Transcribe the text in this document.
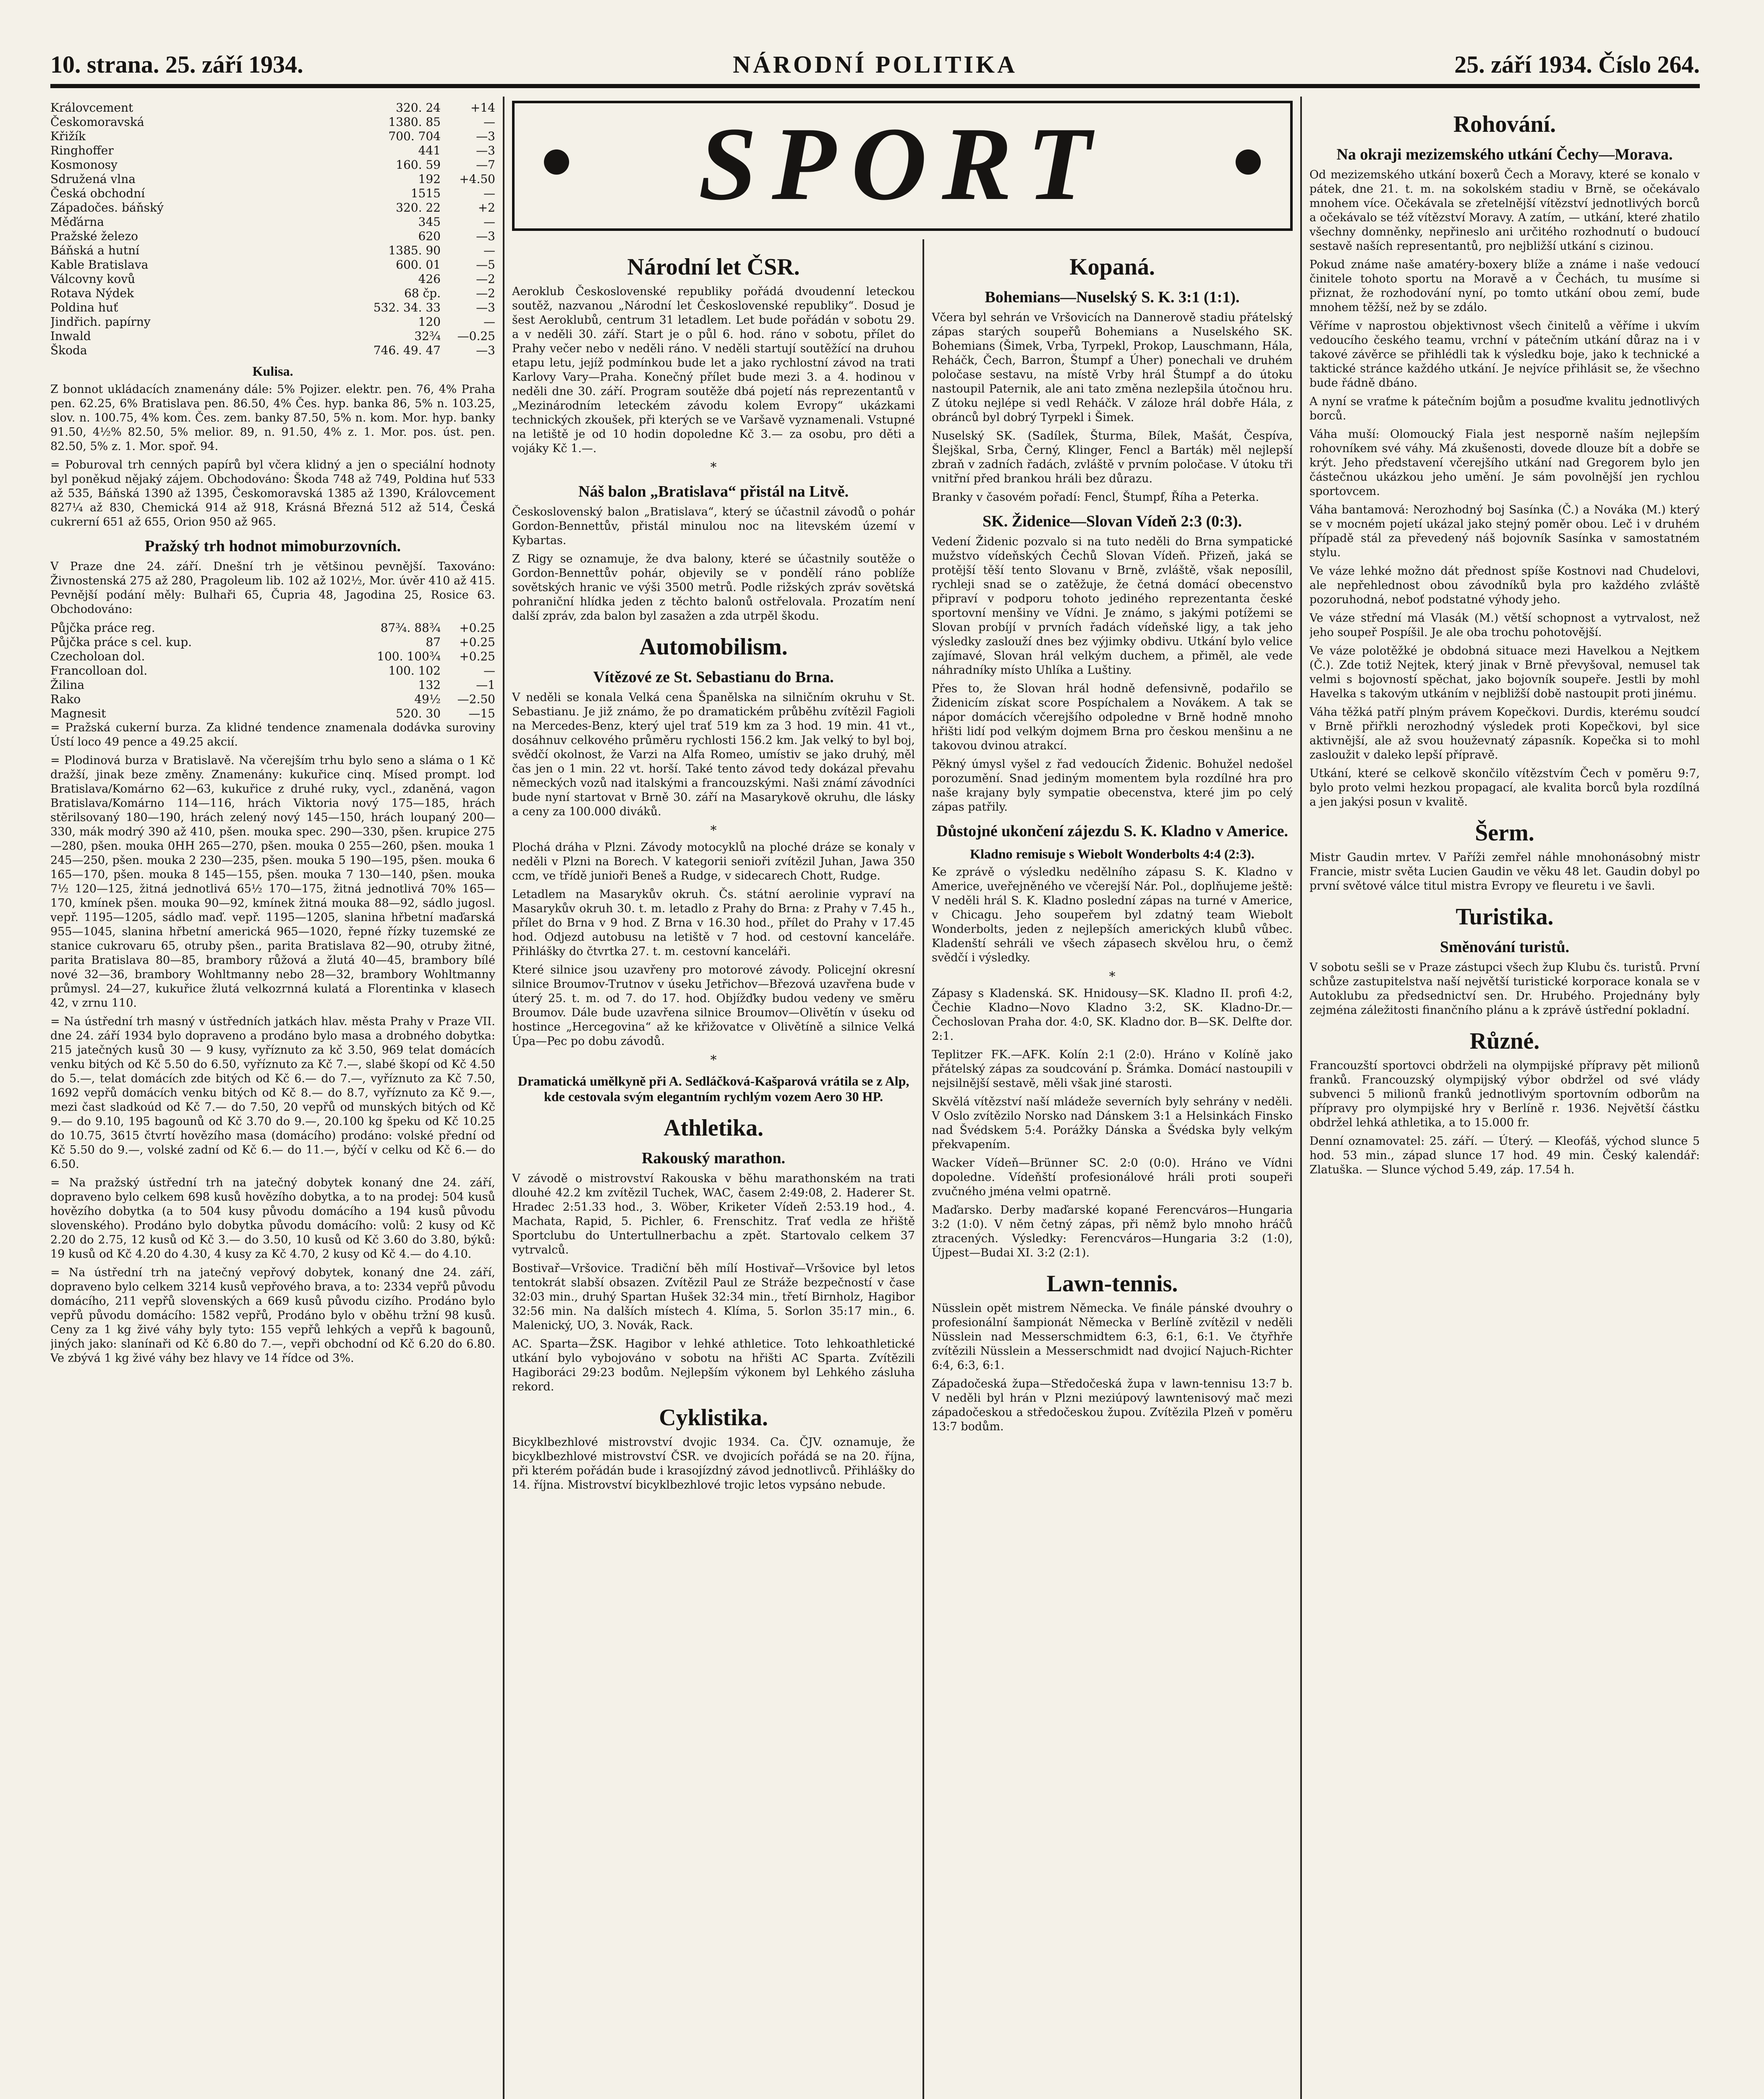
10. strana. 25. září 1934.	NÁRODNÍ POLITIKA	25. září 1934. Číslo 264.
Královcement	320. 24	+14
Českomoravská	1380. 85	—
Křižík	700. 704	—3
Ringhoffer	441	—3
Kosmonosy	160. 59	—7
Sdružená vlna	192	+4.50
Česká obchodní	1515	—
Západočes. báňský	320. 22	+2
Měďárna	345	—
Pražské železo	620	—3
Báňská a hutní	1385. 90	—
Kable Bratislava	600. 01	—5
Válcovny kovů	426	—2
Rotava Nýdek	68 čp.	—2
Poldina huť	532. 34. 33	—3
Jindřich. papírny	120	—
Inwald	32¾	—0.25
Škoda	746. 49. 47	—3
Kulisa.

Z bonnot ukládacích znamenány dále: 5% Pojizer. elektr. pen. 76, 4% Praha pen. 62.25, 6% Bratislava pen. 86.50, 4% Čes. hyp. banka 86, 5% n. 103.25, slov. n. 100.75, 4% kom. Čes. zem. banky 87.50, 5% n. kom. Mor. hyp. banky 91.50, 4½% 82.50, 5% melior. 89, n. 91.50, 4% z. 1. Mor. pos. úst. pen. 82.50, 5% z. 1. Mor. spoř. 94.

= Poburoval trh cenných papírů byl včera klidný a jen o speciální hodnoty byl poněkud nějaký zájem. Obchodováno: Škoda 748 až 749, Poldina huť 533 až 535, Báňská 1390 až 1395, Českomoravská 1385 až 1390, Královcement 827¼ až 830, Chemická 914 až 918, Krásná Březná 512 až 514, Česká cukrerní 651 až 655, Orion 950 až 965.

Pražský trh hodnot mimoburzovních.

V Praze dne 24. září. Dnešní trh je většinou pevnější. Taxováno: Živnostenská 275 až 280, Pragoleum lib. 102 až 102½, Mor. úvěr 410 až 415. Pevnější podání měly: Bulhaři 65, Čupria 48, Jagodina 25, Rosice 63. Obchodováno:

Půjčka práce reg.	87¾. 88¾	+0.25
Půjčka práce s cel. kup.	87	+0.25
Czecholoan dol.	100. 100¾	+0.25
Francolloan dol.	100. 102	—
Žilina	132	—1
Rako	49½	—2.50
Magnesit	520. 30	—15

= Pražská cukerní burza. Za klidné tendence znamenala dodávka suroviny Ústí loco 49 pence a 49.25 akcií.

= Plodinová burza v Bratislavě. Na včerejším trhu bylo seno a sláma o 1 Kč dražší, jinak beze změny. Znamenány: kukuřice cinq. Mísed prompt. loď Bratislava/Komárno 62—63, kukuřice z druhé ruky, vycl., zdaněná, vagon Bratislava/Komárno 114—116, hrách Viktoria nový 175—185, hrách stěrilsovaný 180—190, hrách zelený nový 145—150, hrách loupaný 200—330, mák modrý 390 až 410, pšen. mouka spec. 290—330, pšen. krupice 275—280, pšen. mouka 0HH 265—270, pšen. mouka 0 255—260, pšen. mouka 1 245—250, pšen. mouka 2 230—235, pšen. mouka 5 190—195, pšen. mouka 6 165—170, pšen. mouka 8 145—155, pšen. mouka 7 130—140, pšen. mouka 7½ 120—125, žitná jednotlivá 65½ 170—175, žitná jednotlivá 70% 165—170, kmínek pšen. mouka 90—92, kmínek žitná mouka 88—92, sádlo jugosl. vepř. 1195—1205, sádlo maď. vepř. 1195—1205, slanina hřbetní maďarská 955—1045, slanina hřbetní americká 965—1020, řepné řízky tuzemské ze stanice cukrovaru 65, otruby pšen., parita Bratislava 82—90, otruby žitné, parita Bratislava 80—85, brambory růžová a žlutá 40—45, brambory bílé nové 32—36, brambory Wohltmanny nebo 28—32, brambory Wohltmanny průmysl. 24—27, kukuřice žlutá velkozrnná kulatá a Florentinka v klasech 42, v zrnu 110.

= Na ústřední trh masný v ústředních jatkách hlav. města Prahy v Praze VII. dne 24. září 1934 bylo dopraveno a prodáno bylo masa a drobného dobytka: 215 jatečných kusů 30 — 9 kusy, vyříznuto za kč 3.50, 969 telat domácích venku bitých od Kč 5.50 do 6.50, vyříznuto za Kč 7.—, slabé škopí od Kč 4.50 do 5.—, telat domácích zde bitých od Kč 6.— do 7.—, vyříznuto za Kč 7.50, 1692 vepřů domácích venku bitých od Kč 8.— do 8.7, vyříznuto za Kč 9.—, mezi čast sladkoúd od Kč 7.— do 7.50, 20 vepřů od munských bitých od Kč 9.— do 9.10, 195 bagounů od Kč 3.70 do 9.—, 20.100 kg špeku od Kč 10.25 do 10.75, 3615 čtvrtí hovězího masa (domácího) prodáno: volské přední od Kč 5.50 do 9.—, volské zadní od Kč 6.— do 11.—, býčí v celku od Kč 6.— do 6.50.

= Na pražský ústřední trh na jatečný dobytek konaný dne 24. září, dopraveno bylo celkem 698 kusů hovězího dobytka, a to na prodej: 504 kusů hovězího dobytka (a to 504 kusy původu domácího a 194 kusů původu slovenského). Prodáno bylo dobytka původu domácího: volů: 2 kusy od Kč 2.20 do 2.75, 12 kusů od Kč 3.— do 3.50, 10 kusů od Kč 3.60 do 3.80, býků: 19 kusů od Kč 4.20 do 4.30, 4 kusy za Kč 4.70, 2 kusy od Kč 4.— do 4.10.

= Na ústřední trh na jatečný vepřový dobytek, konaný dne 24. září, dopraveno bylo celkem 3214 kusů vepřového brava, a to: 2334 vepřů původu domácího, 211 vepřů slovenských a 669 kusů původu cizího. Prodáno bylo vepřů původu domácího: 1582 vepřů, Prodáno bylo v oběhu tržní 98 kusů. Ceny za 1 kg živé váhy byly tyto: 155 vepřů lehkých a vepřů k bagounů, jiných jako: slanínaři od Kč 6.80 do 7.—, vepři obchodní od Kč 6.20 do 6.80. Ve zbývá 1 kg živé váhy bez hlavy ve 14 řídce od 3%.

SPORT
Národní let ČSR.

Aeroklub Československé republiky pořádá dvoudenní leteckou soutěž, nazvanou „Národní let Československé republiky“. Dosud je šest Aeroklubů, centrum 31 letadlem. Let bude pořádán v sobotu 29. a v neděli 30. září. Start je o půl 6. hod. ráno v sobotu, přílet do Prahy večer nebo v neděli ráno. V neděli startují soutěžící na druhou etapu letu, jejíž podmínkou bude let a jako rychlostní závod na trati Karlovy Vary—Praha. Konečný přílet bude mezi 3. a 4. hodinou v neděli dne 30. září. Program soutěže dbá pojetí nás reprezentantů v „Mezinárodním leteckém závodu kolem Evropy“ ukázkami technických zkoušek, při kterých se ve Varšavě vyznamenali. Vstupné na letiště je od 10 hodin dopoledne Kč 3.— za osobu, pro děti a vojáky Kč 1.—.

*
Náš balon „Bratislava“ přistál na Litvě.

Československý balon „Bratislava“, který se účastnil závodů o pohár Gordon-Bennettův, přistál minulou noc na litevském území v Kybartas.

Z Rigy se oznamuje, že dva balony, které se účastnily soutěže o Gordon-Bennettův pohár, objevily se v pondělí ráno poblíže sovětských hranic ve výši 3500 metrů. Podle rižských zpráv sovětská pohraniční hlídka jeden z těchto balonů ostřelovala. Prozatím není další zpráv, zda balon byl zasažen a zda utrpěl škodu.

Automobilism.
Vítězové ze St. Sebastianu do Brna.

V neděli se konala Velká cena Španělska na silničním okruhu v St. Sebastianu. Je již známo, že po dramatickém průběhu zvítězil Fagioli na Mercedes-Benz, který ujel trať 519 km za 3 hod. 19 min. 41 vt., dosáhnuv celkového průměru rychlosti 156.2 km. Jak velký to byl boj, svědčí okolnost, že Varzi na Alfa Romeo, umístiv se jako druhý, měl čas jen o 1 min. 22 vt. horší. Také tento závod tedy dokázal převahu německých vozů nad italskými a francouzskými. Naši známí závodníci bude nyní startovat v Brně 30. září na Masarykově okruhu, dle lásky a ceny za 100.000 diváků.

*

Plochá dráha v Plzni. Závody motocyklů na ploché dráze se konaly v neděli v Plzni na Borech. V kategorii senioři zvítězil Juhan, Jawa 350 ccm, ve třídě junioři Beneš a Rudge, v sidecarech Chott, Rudge.

Letadlem na Masarykův okruh. Čs. státní aerolinie vypraví na Masarykův okruh 30. t. m. letadlo z Prahy do Brna: z Prahy v 7.45 h., přílet do Brna v 9 hod. Z Brna v 16.30 hod., přílet do Prahy v 17.45 hod. Odjezd autobusu na letiště v 7 hod. od cestovní kanceláře. Přihlášky do čtvrtka 27. t. m. cestovní kanceláři.

Které silnice jsou uzavřeny pro motorové závody. Policejní okresní silnice Broumov-Trutnov v úseku Jetřichov—Březová uzavřena bude v úterý 25. t. m. od 7. do 17. hod. Objížďky budou vedeny ve směru Broumov. Dále bude uzavřena silnice Broumov—Olivětín v úseku od hostince „Hercegovina“ až ke křižovatce v Olivětíně a silnice Velká Úpa—Pec po dobu závodů.

*
Dramatická umělkyně při A. Sedláčková-Kašparová vrátila se z Alp, kde cestovala svým elegantním rychlým vozem Aero 30 HP.
Athletika.
Rakouský marathon.

V závodě o mistrovství Rakouska v běhu marathonském na trati dlouhé 42.2 km zvítězil Tuchek, WAC, časem 2:49:08, 2. Haderer St. Hradec 2:51.33 hod., 3. Wöber, Kriketer Vídeň 2:53.19 hod., 4. Machata, Rapid, 5. Pichler, 6. Frenschitz. Trať vedla ze hřiště Sportclubu do Untertullnerbachu a zpět. Startovalo celkem 37 vytrvalců.

Bostivař—Vršovice. Tradiční běh mílí Hostivař—Vršovice byl letos tentokrát slabší obsazen. Zvítězil Paul ze Stráže bezpečností v čase 32:03 min., druhý Spartan Hušek 32:34 min., třetí Birnholz, Hagibor 32:56 min. Na dalších místech 4. Klíma, 5. Sorlon 35:17 min., 6. Malenický, UO, 3. Novák, Rack.

AC. Sparta—ŽSK. Hagibor v lehké athletice. Toto lehkoathletické utkání bylo vybojováno v sobotu na hřišti AC Sparta. Zvítězili Hagiboráci 29:23 bodům. Nejlepším výkonem byl Lehkého zásluha rekord.

Cyklistika.

Bicyklbezhlové mistrovství dvojic 1934. Ca. ČJV. oznamuje, že bicyklbezhlové mistrovství ČSR. ve dvojicích pořádá se na 20. října, při kterém pořádán bude i krasojízdný závod jednotlivců. Přihlášky do 14. října. Mistrovství bicyklbezhlové trojic letos vypsáno nebude.

Kopaná.
Bohemians—Nuselský S. K. 3:1 (1:1).

Včera byl sehrán ve Vršovicích na Dannerově stadiu přátelský zápas starých soupeřů Bohemians a Nuselského SK. Bohemians (Šimek, Vrba, Tyrpekl, Prokop, Lauschmann, Hála, Reháčk, Čech, Barron, Štumpf a Úher) ponechali ve druhém poločase sestavu, na místě Vrby hrál Štumpf a do útoku nastoupil Paternik, ale ani tato změna nezlepšila útočnou hru. Z útoku nejlépe si vedl Reháčk. V záloze hrál dobře Hála, z obránců byl dobrý Tyrpekl i Šimek.

Nuselský SK. (Sadílek, Šturma, Bílek, Mašát, Čespíva, Šlejškal, Srba, Černý, Klinger, Fencl a Barták) měl nejlepší zbraň v zadních řadách, zvláště v prvním poločase. V útoku tři vnitřní před brankou hráli bez důrazu.

Branky v časovém pořadí: Fencl, Štumpf, Říha a Peterka.

SK. Židenice—Slovan Vídeň 2:3 (0:3).

Vedení Židenic pozvalo si na tuto neděli do Brna sympatické mužstvo vídeňských Čechů Slovan Vídeň. Přizeň, jaká se protější těší tento Slovanu v Brně, zvláště, však neposílil, rychleji snad se o zatěžuje, že četná domácí obecenstvo připraví v podporu tohoto jediného reprezentanta české sportovní menšiny ve Vídni. Je známo, s jakými potížemi se Slovan probíjí v prvních řadách vídeňské ligy, a tak jeho výsledky zaslouží dnes bez výjimky obdivu. Utkání bylo velice zajímavé, Slovan hrál velkým duchem, a přiměl, ale vede náhradníky místo Uhlíka a Luštiny.

Přes to, že Slovan hrál hodně defensivně, podařilo se Židenicím získat score Pospíchalem a Novákem. A tak se nápor domácích včerejšího odpoledne v Brně hodně mnoho hřišti lidí pod velkým dojmem Brna pro českou menšinu a ne takovou dvinou atrakcí.

Pěkný úmysl vyšel z řad vedoucích Židenic. Bohužel nedošel porozumění. Snad jediným momentem byla rozdílné hra pro naše krajany byly sympatie obecenstva, které jim po celý zápas patřily.

Důstojné ukončení zájezdu S. K. Kladno v Americe.
Kladno remisuje s Wiebolt Wonderbolts 4:4 (2:3).

Ke zprávě o výsledku nedělního zápasu S. K. Kladno v Americe, uveřejněného ve včerejší Nár. Pol., doplňujeme ještě: V neděli hrál S. K. Kladno poslední zápas na turné v Americe, v Chicagu. Jeho soupeřem byl zdatný team Wiebolt Wonderbolts, jeden z nejlepších amerických klubů vůbec. Kladenští sehráli ve všech zápasech skvělou hru, o čemž svědčí i výsledky.

*

Zápasy s Kladenská. SK. Hnidousy—SK. Kladno II. profi 4:2, Čechie Kladno—Novo Kladno 3:2, SK. Kladno-Dr.—Čechoslovan Praha dor. 4:0, SK. Kladno dor. B—SK. Delfte dor. 2:1.

Teplitzer FK.—AFK. Kolín 2:1 (2:0). Hráno v Kolíně jako přátelský zápas za soudcování p. Šrámka. Domácí nastoupili v nejsilnější sestavě, měli však jiné starosti.

Skvělá vítězství naší mládeže severních byly sehrány v neděli. V Oslo zvítězilo Norsko nad Dánskem 3:1 a Helsinkách Finsko nad Švédskem 5:4. Porážky Dánska a Švédska byly velkým překvapením.

Wacker Vídeň—Brünner SC. 2:0 (0:0). Hráno ve Vídni dopoledne. Vídeňští profesionálové hráli proti soupeři zvučného jména velmi opatrně.

Maďarsko. Derby maďarské kopané Ferencváros—Hungaria 3:2 (1:0). V něm četný zápas, při němž bylo mnoho hráčů ztracených. Výsledky: Ferencváros—Hungaria 3:2 (1:0), Újpest—Budai XI. 3:2 (2:1).

Lawn-tennis.

Nüsslein opět mistrem Německa. Ve finále pánské dvouhry o profesionální šampionát Německa v Berlíně zvítězil v neděli Nüsslein nad Messerschmidtem 6:3, 6:1, 6:1. Ve čtyřhře zvítězili Nüsslein a Messerschmidt nad dvojicí Najuch-Richter 6:4, 6:3, 6:1.

Západočeská župa—Středočeská župa v lawn-tennisu 13:7 b. V neděli byl hrán v Plzni meziúpový lawntenisový mač mezi západočeskou a středočeskou župou. Zvítězila Plzeň v poměru 13:7 bodům.

Rohování.
Na okraji mezizemského utkání Čechy—Morava.

Od mezizemského utkání boxerů Čech a Moravy, které se konalo v pátek, dne 21. t. m. na sokolském stadiu v Brně, se očekávalo mnohem více. Očekávala se zřetelnější vítězství jednotlivých borců a očekávalo se též vítězství Moravy. A zatím, — utkání, které zhatilo všechny domněnky, nepřineslo ani určitého rozhodnutí o budoucí sestavě naších representantů, pro nejbližší utkání s cizinou.

Pokud známe naše amatéry-boxery blíže a známe i naše vedoucí činitele tohoto sportu na Moravě a v Čechách, tu musíme si přiznat, že rozhodování nyní, po tomto utkání obou zemí, bude mnohem těžší, než by se zdálo.

Věříme v naprostou objektivnost všech činitelů a věříme i ukvím vedoucího českého teamu, vrchní v pátečním utkání důraz na i v takové závěrce se přihlédli tak k výsledku boje, jako k technické a taktické stránce každého utkání. Je nejvíce přihlásit se, že všechno bude řádně dbáno.

A nyní se vraťme k pátečním bojům a posuďme kvalitu jednotlivých borců.

Váha muší: Olomoucký Fiala jest nesporně naším nejlepším rohovníkem své váhy. Má zkušenosti, dovede dlouze bít a dobře se krýt. Jeho představení včerejšího utkání nad Gregorem bylo jen částečnou ukázkou jeho umění. Je sám povolnější jen rychlou sportovcem.

Váha bantamová: Nerozhodný boj Sasínka (Č.) a Nováka (M.) který se v mocném pojetí ukázal jako stejný poměr obou. Leč i v druhém případě stál za převedený náš bojovník Sasínka v samostatném stylu.

Ve váze lehké možno dát přednost spíše Kostnovi nad Chudelovi, ale nepřehlednost obou závodníků byla pro každého zvláště pozoruhodná, neboť podstatné výhody jeho.

Ve váze střední má Vlasák (M.) větší schopnost a vytrvalost, než jeho soupeř Pospíšil. Je ale oba trochu pohotovější.

Ve váze polotěžké je obdobná situace mezi Havelkou a Nejtkem (Č.). Zde totiž Nejtek, který jinak v Brně převyšoval, nemusel tak velmi s bojovností spěchat, jako bojovník soupeře. Jestli by mohl Havelka s takovým utkáním v nejbližší době nastoupit proti jinému.

Váha těžká patří plným právem Kopečkovi. Durdis, kterému soudcí v Brně přiřkli nerozhodný výsledek proti Kopečkovi, byl sice aktivnější, ale až svou houževnatý zápasník. Kopečka si to mohl zasloužit v daleko lepší přípravě.

Utkání, které se celkově skončilo vítězstvím Čech v poměru 9:7, bylo proto velmi hezkou propagací, ale kvalita borců byla rozdílná a jen jakýsi posun v kvalitě.

Šerm.

Mistr Gaudin mrtev. V Paříži zemřel náhle mnohonásobný mistr Francie, mistr světa Lucien Gaudin ve věku 48 let. Gaudin dobyl po první světové válce titul mistra Evropy ve fleuretu i ve šavli.

Turistika.
Směnování turistů.

V sobotu sešli se v Praze zástupci všech žup Klubu čs. turistů. První schůze zastupitelstva naší největší turistické korporace konala se v Autoklubu za předsednictví sen. Dr. Hrubého. Projednány byly zejména záležitosti finančního plánu a k zprávě ústřední pokladní.

Různé.

Francouzští sportovci obdrželi na olympijské přípravy pět milionů franků. Francouzský olympijský výbor obdržel od své vlády subvenci 5 milionů franků jednotlivým sportovním odborům na přípravy pro olympijské hry v Berlíně r. 1936. Největší částku obdržel lehká athletika, a to 15.000 fr.

Denní oznamovatel: 25. září. — Úterý. — Kleofáš, východ slunce 5 hod. 53 min., západ slunce 17 hod. 49 min. Český kalendář: Zlatuška. — Slunce východ 5.49, záp. 17.54 h.
